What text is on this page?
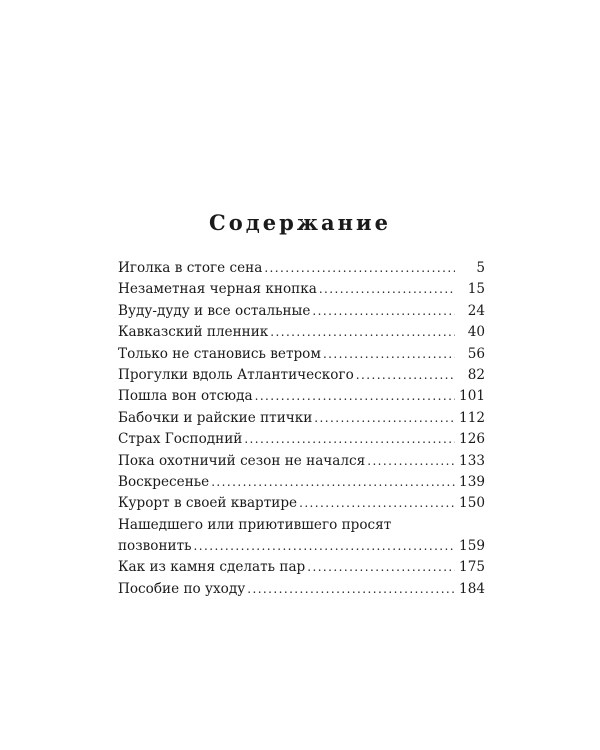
Содержание
Иголка в стоге сена . . .	5
Незаметная черная кнопка . . .	15
Вуду-дуду и все остальные . . .	24
Кавказский пленник . . .	40
Только не становись ветром . . .	56
Прогулки вдоль Атлантического . . .	82
Пошла вон отсюда . . .	101
Бабочки и райские птички . . .	112
Страх Господний . . .	126
Пока охотничий сезон не начался . . .	133
Воскресенье . . .	139
Курорт в своей квартире . . .	150
Нашедшего или приютившего просят
позвонить . . .	159
Как из камня сделать пар . . .	175
Пособие по уходу . . .	184
